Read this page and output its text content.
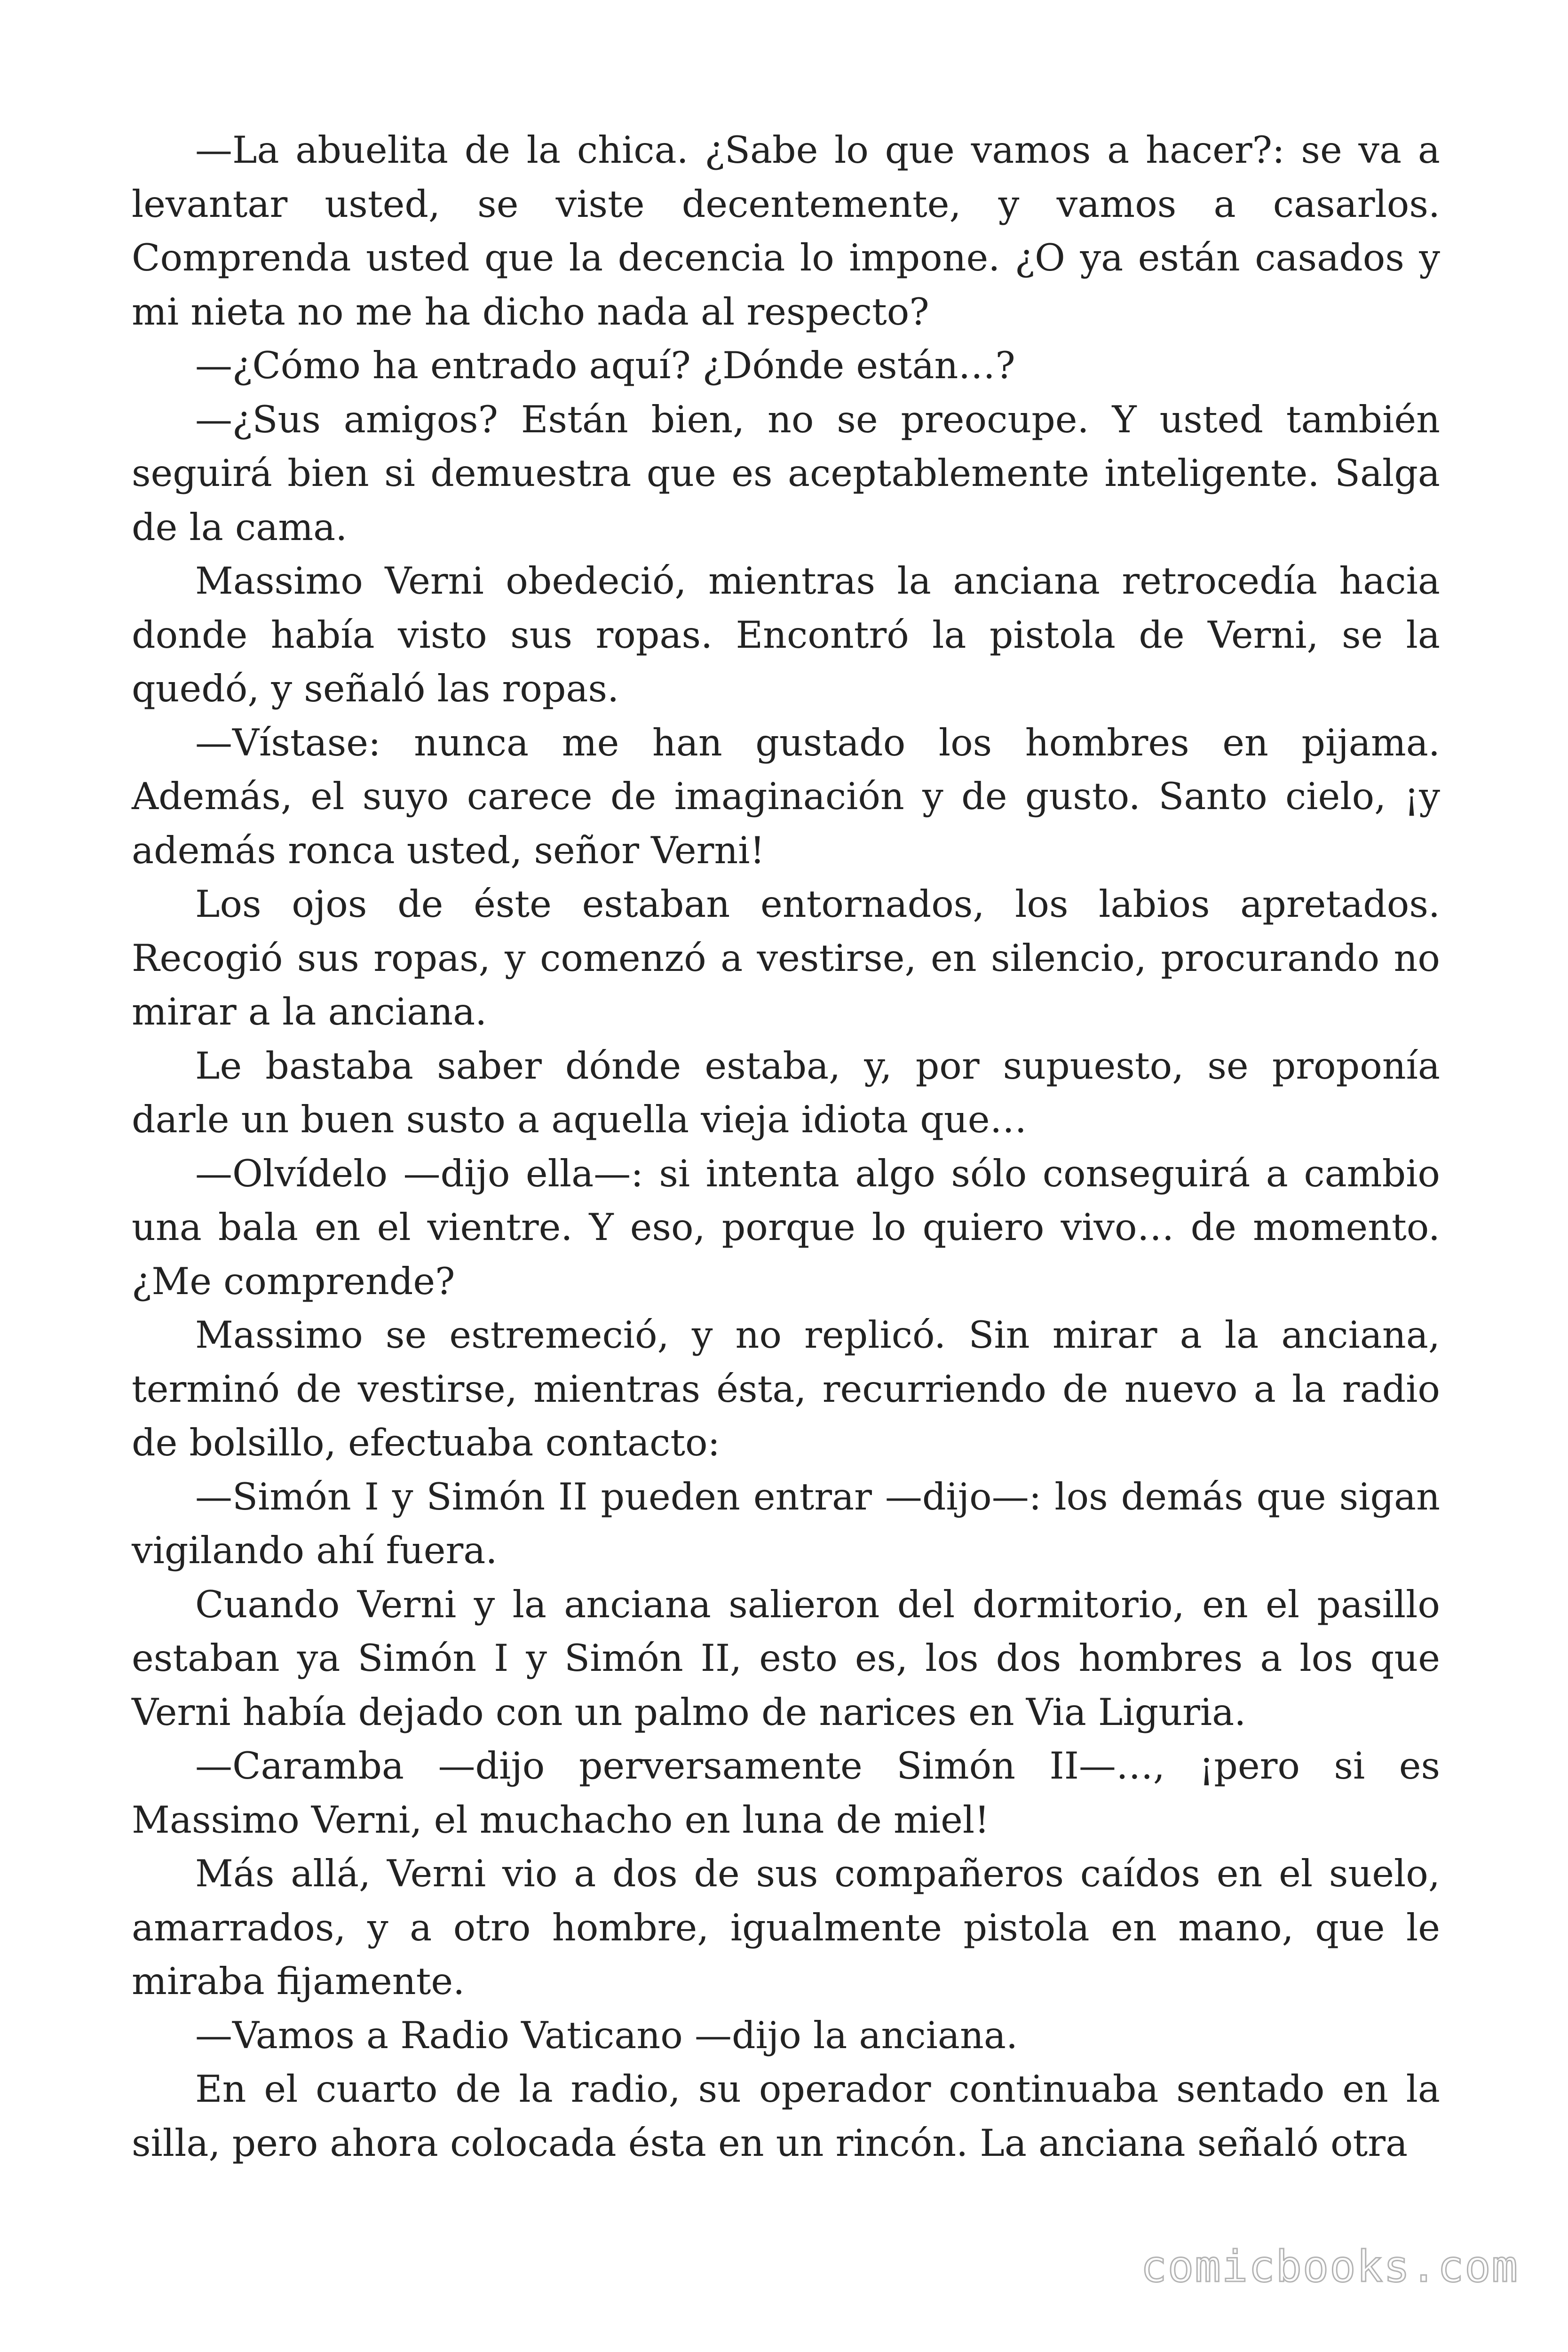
—La abuelita de la chica. ¿Sabe lo que vamos a hacer?: se va a levantar usted, se viste decentemente, y vamos a casarlos. Comprenda usted que la decencia lo impone. ¿O ya están casados y mi nieta no me ha dicho nada al respecto?

—¿Cómo ha entrado aquí? ¿Dónde están…?

—¿Sus amigos? Están bien, no se preocupe. Y usted también seguirá bien si demuestra que es aceptablemente inteligente. Salga de la cama.

Massimo Verni obedeció, mientras la anciana retrocedía hacia donde había visto sus ropas. Encontró la pistola de Verni, se la quedó, y señaló las ropas.

—Vístase: nunca me han gustado los hombres en pijama. Además, el suyo carece de imaginación y de gusto. Santo cielo, ¡y además ronca usted, señor Verni!

Los ojos de éste estaban entornados, los labios apretados. Recogió sus ropas, y comenzó a vestirse, en silencio, procurando no mirar a la anciana.

Le bastaba saber dónde estaba, y, por supuesto, se proponía darle un buen susto a aquella vieja idiota que…

—Olvídelo —dijo ella—: si intenta algo sólo conseguirá a cambio una bala en el vientre. Y eso, porque lo quiero vivo… de momento. ¿Me comprende?

Massimo se estremeció, y no replicó. Sin mirar a la anciana, terminó de vestirse, mientras ésta, recurriendo de nuevo a la radio de bolsillo, efectuaba contacto:

—Simón I y Simón II pueden entrar —dijo—: los demás que sigan vigilando ahí fuera.

Cuando Verni y la anciana salieron del dormitorio, en el pasillo estaban ya Simón I y Simón II, esto es, los dos hombres a los que Verni había dejado con un palmo de narices en Via Liguria.

—Caramba —dijo perversamente Simón II—…, ¡pero si es Massimo Verni, el muchacho en luna de miel!

Más allá, Verni vio a dos de sus compañeros caídos en el suelo, amarrados, y a otro hombre, igualmente pistola en mano, que le miraba fijamente.

—Vamos a Radio Vaticano —dijo la anciana.

En el cuarto de la radio, su operador continuaba sentado en la silla, pero ahora colocada ésta en un rincón. La anciana señaló otra

comicbooks.com
